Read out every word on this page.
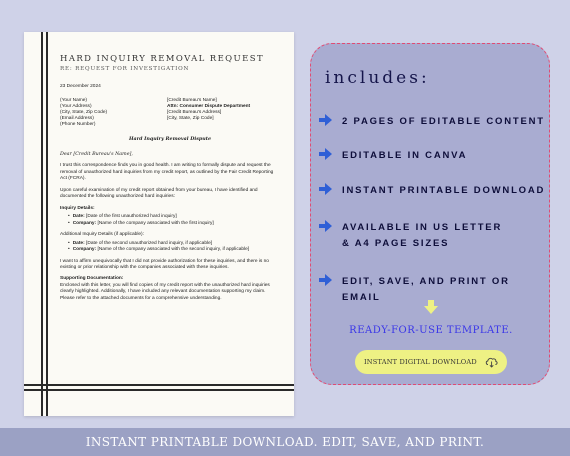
HARD INQUIRY REMOVAL REQUEST
RE: REQUEST FOR INVESTIGATION
23 December 2024
(Your Name)
(Your Address)
(City, State, Zip Code)
(Email Address)
(Phone Number)
[Credit Bureau's Name]
Attn: Consumer Dispute Department
[Credit Bureau's Address]
[City, State, Zip Code]
Hard Inquiry Removal Dispute
Dear [Credit Bureau's Name],

I trust this correspondence finds you in good health. I am writing to formally dispute and request the removal of unauthorized hard inquiries from my credit report, as outlined by the Fair Credit Reporting Act (FCRA).

Upon careful examination of my credit report obtained from your bureau, I have identified and documented the following unauthorized hard inquiries:

Inquiry Details:

• Date: [Date of the first unauthorized hard inquiry]
• Company: [Name of the company associated with the first inquiry]

Additional Inquiry Details (if applicable):

• Date: [Date of the second unauthorized hard inquiry, if applicable]
• Company: [Name of the company associated with the second inquiry, if applicable]

I want to affirm unequivocally that I did not provide authorization for these inquiries, and there is no existing or prior relationship with the companies associated with these inquiries.

Supporting Documentation:

Enclosed with this letter, you will find copies of my credit report with the unauthorized hard inquiries clearly highlighted. Additionally, I have included any relevant documentation supporting my claim. Please refer to the attached documents for a comprehensive understanding.
includes:
2 PAGES OF EDITABLE CONTENT
EDITABLE IN CANVA
INSTANT PRINTABLE DOWNLOAD
AVAILABLE IN US LETTER
& A4 PAGE SIZES
EDIT, SAVE, AND PRINT OR EMAIL
READY-FOR-USE TEMPLATE.
INSTANT DIGITAL DOWNLOAD
INSTANT PRINTABLE DOWNLOAD. EDIT, SAVE, AND PRINT.
